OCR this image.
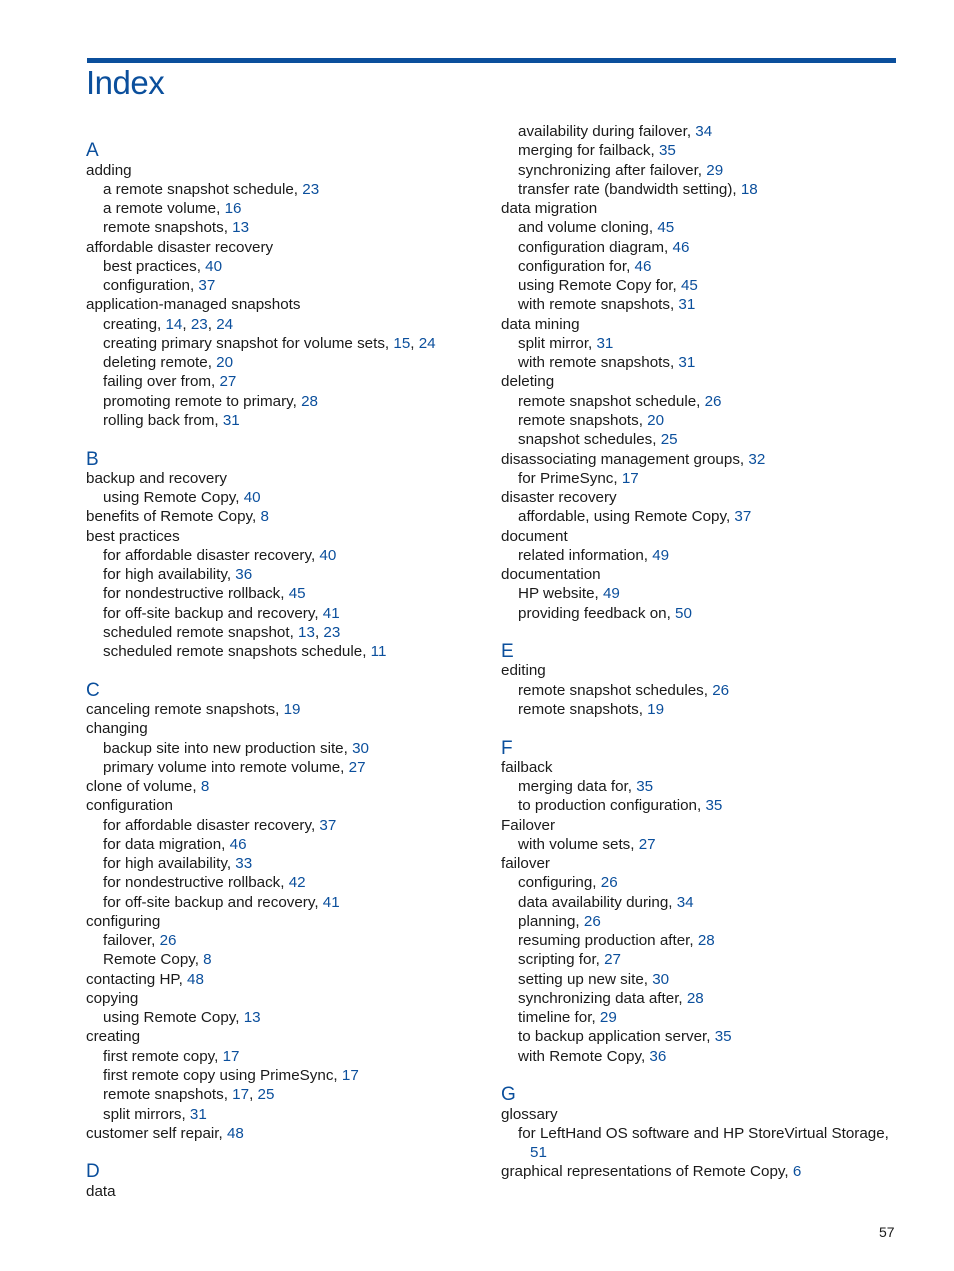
Index
A
adding
a remote snapshot schedule, 23
a remote volume, 16
remote snapshots, 13
affordable disaster recovery
best practices, 40
configuration, 37
application-managed snapshots
creating, 14, 23, 24
creating primary snapshot for volume sets, 15, 24
deleting remote, 20
failing over from, 27
promoting remote to primary, 28
rolling back from, 31
B
backup and recovery
using Remote Copy, 40
benefits of Remote Copy, 8
best practices
for affordable disaster recovery, 40
for high availability, 36
for nondestructive rollback, 45
for off-site backup and recovery, 41
scheduled remote snapshot, 13, 23
scheduled remote snapshots schedule, 11
C
canceling remote snapshots, 19
changing
backup site into new production site, 30
primary volume into remote volume, 27
clone of volume, 8
configuration
for affordable disaster recovery, 37
for data migration, 46
for high availability, 33
for nondestructive rollback, 42
for off-site backup and recovery, 41
configuring
failover, 26
Remote Copy, 8
contacting HP, 48
copying
using Remote Copy, 13
creating
first remote copy, 17
first remote copy using PrimeSync, 17
remote snapshots, 17, 25
split mirrors, 31
customer self repair, 48
D
data
availability during failover, 34
merging for failback, 35
synchronizing after failover, 29
transfer rate (bandwidth setting), 18
data migration
and volume cloning, 45
configuration diagram, 46
configuration for, 46
using Remote Copy for, 45
with remote snapshots, 31
data mining
split mirror, 31
with remote snapshots, 31
deleting
remote snapshot schedule, 26
remote snapshots, 20
snapshot schedules, 25
disassociating management groups, 32
for PrimeSync, 17
disaster recovery
affordable, using Remote Copy, 37
document
related information, 49
documentation
HP website, 49
providing feedback on, 50
E
editing
remote snapshot schedules, 26
remote snapshots, 19
F
failback
merging data for, 35
to production configuration, 35
Failover
with volume sets, 27
failover
configuring, 26
data availability during, 34
planning, 26
resuming production after, 28
scripting for, 27
setting up new site, 30
synchronizing data after, 28
timeline for, 29
to backup application server, 35
with Remote Copy, 36
G
glossary
for LeftHand OS software and HP StoreVirtual Storage,
51
graphical representations of Remote Copy, 6
57
